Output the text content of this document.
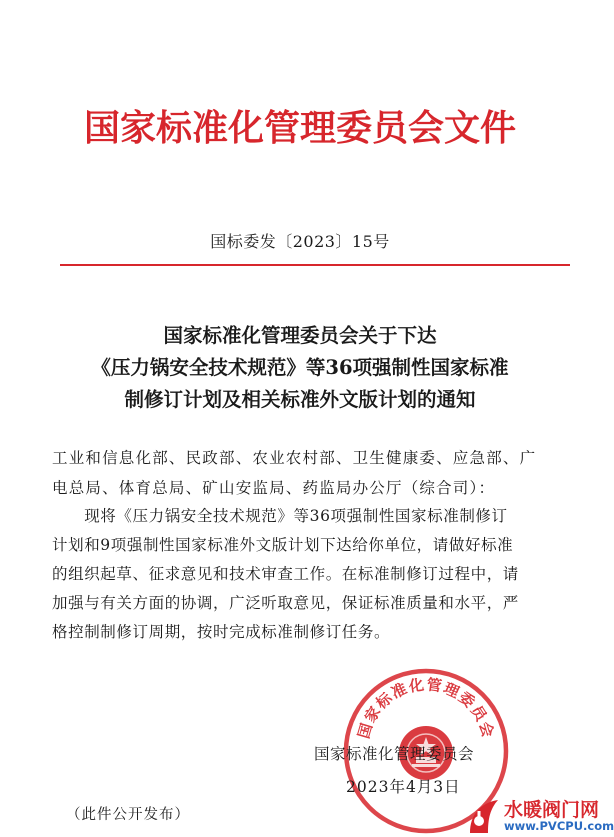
国家标准化管理委员会文件
国标委发〔2023〕15号
国家标准化管理委员会关于下达
《压力锅安全技术规范》等36项强制性国家标准
制修订计划及相关标准外文版计划的通知
工业和信息化部、民政部、农业农村部、卫生健康委、应急部、广
电总局、体育总局、矿山安监局、药监局办公厅（综合司）：
　　现将《压力锅安全技术规范》等36项强制性国家标准制修订
计划和9项强制性国家标准外文版计划下达给你单位，请做好标准
的组织起草、征求意见和技术审查工作。在标准制修订过程中，请
加强与有关方面的协调，广泛听取意见，保证标准质量和水平，严
格控制制修订周期，按时完成标准制修订任务。
国家标准化管理委员会
国家标准化管理委员会
2023年4月3日
（此件公开发布）	水暖阀门网
www.PVCPU.com
